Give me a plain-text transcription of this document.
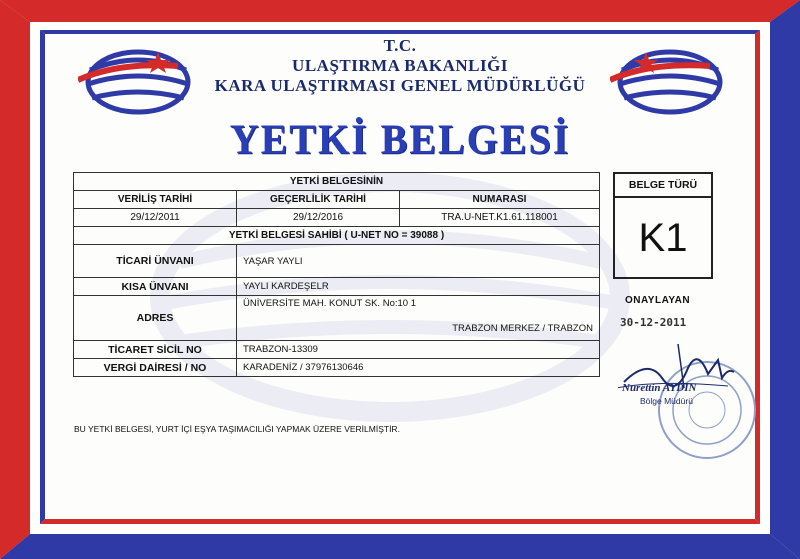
T.C.
ULAŞTIRMA BAKANLIĞI
KARA ULAŞTIRMASI GENEL MÜDÜRLÜĞÜ
YETKİ BELGESİ
YETKİ BELGESİNİN		
VERİLİŞ TARİHİ	GEÇERLİLİK TARİHİ	NUMARASI
29/12/2011	29/12/2016	TRA.U-NET.K1.61.118001
YETKİ BELGESİ SAHİBİ ( U-NET NO = 39088 )		
TİCARİ ÜNVANI	YAŞAR YAYLI	
KISA ÜNVANI	YAYLI KARDEŞELR	
ADRES	ÜNİVERSİTE MAH. KONUT SK. No:10 1
TRABZON MERKEZ / TRABZON	

TİCARET SİCİL NO	TRABZON-13309	
VERGİ DAİRESİ / NO	KARADENİZ / 37976130646	
BELGE TÜRÜ
K1
ONAYLAYAN
30-12-2011
Nurettin AYDIN
Bölge Müdürü
BU YETKİ BELGESİ, YURT İÇİ EŞYA TAŞIMACILIĞI YAPMAK ÜZERE VERİLMİŞTİR.
